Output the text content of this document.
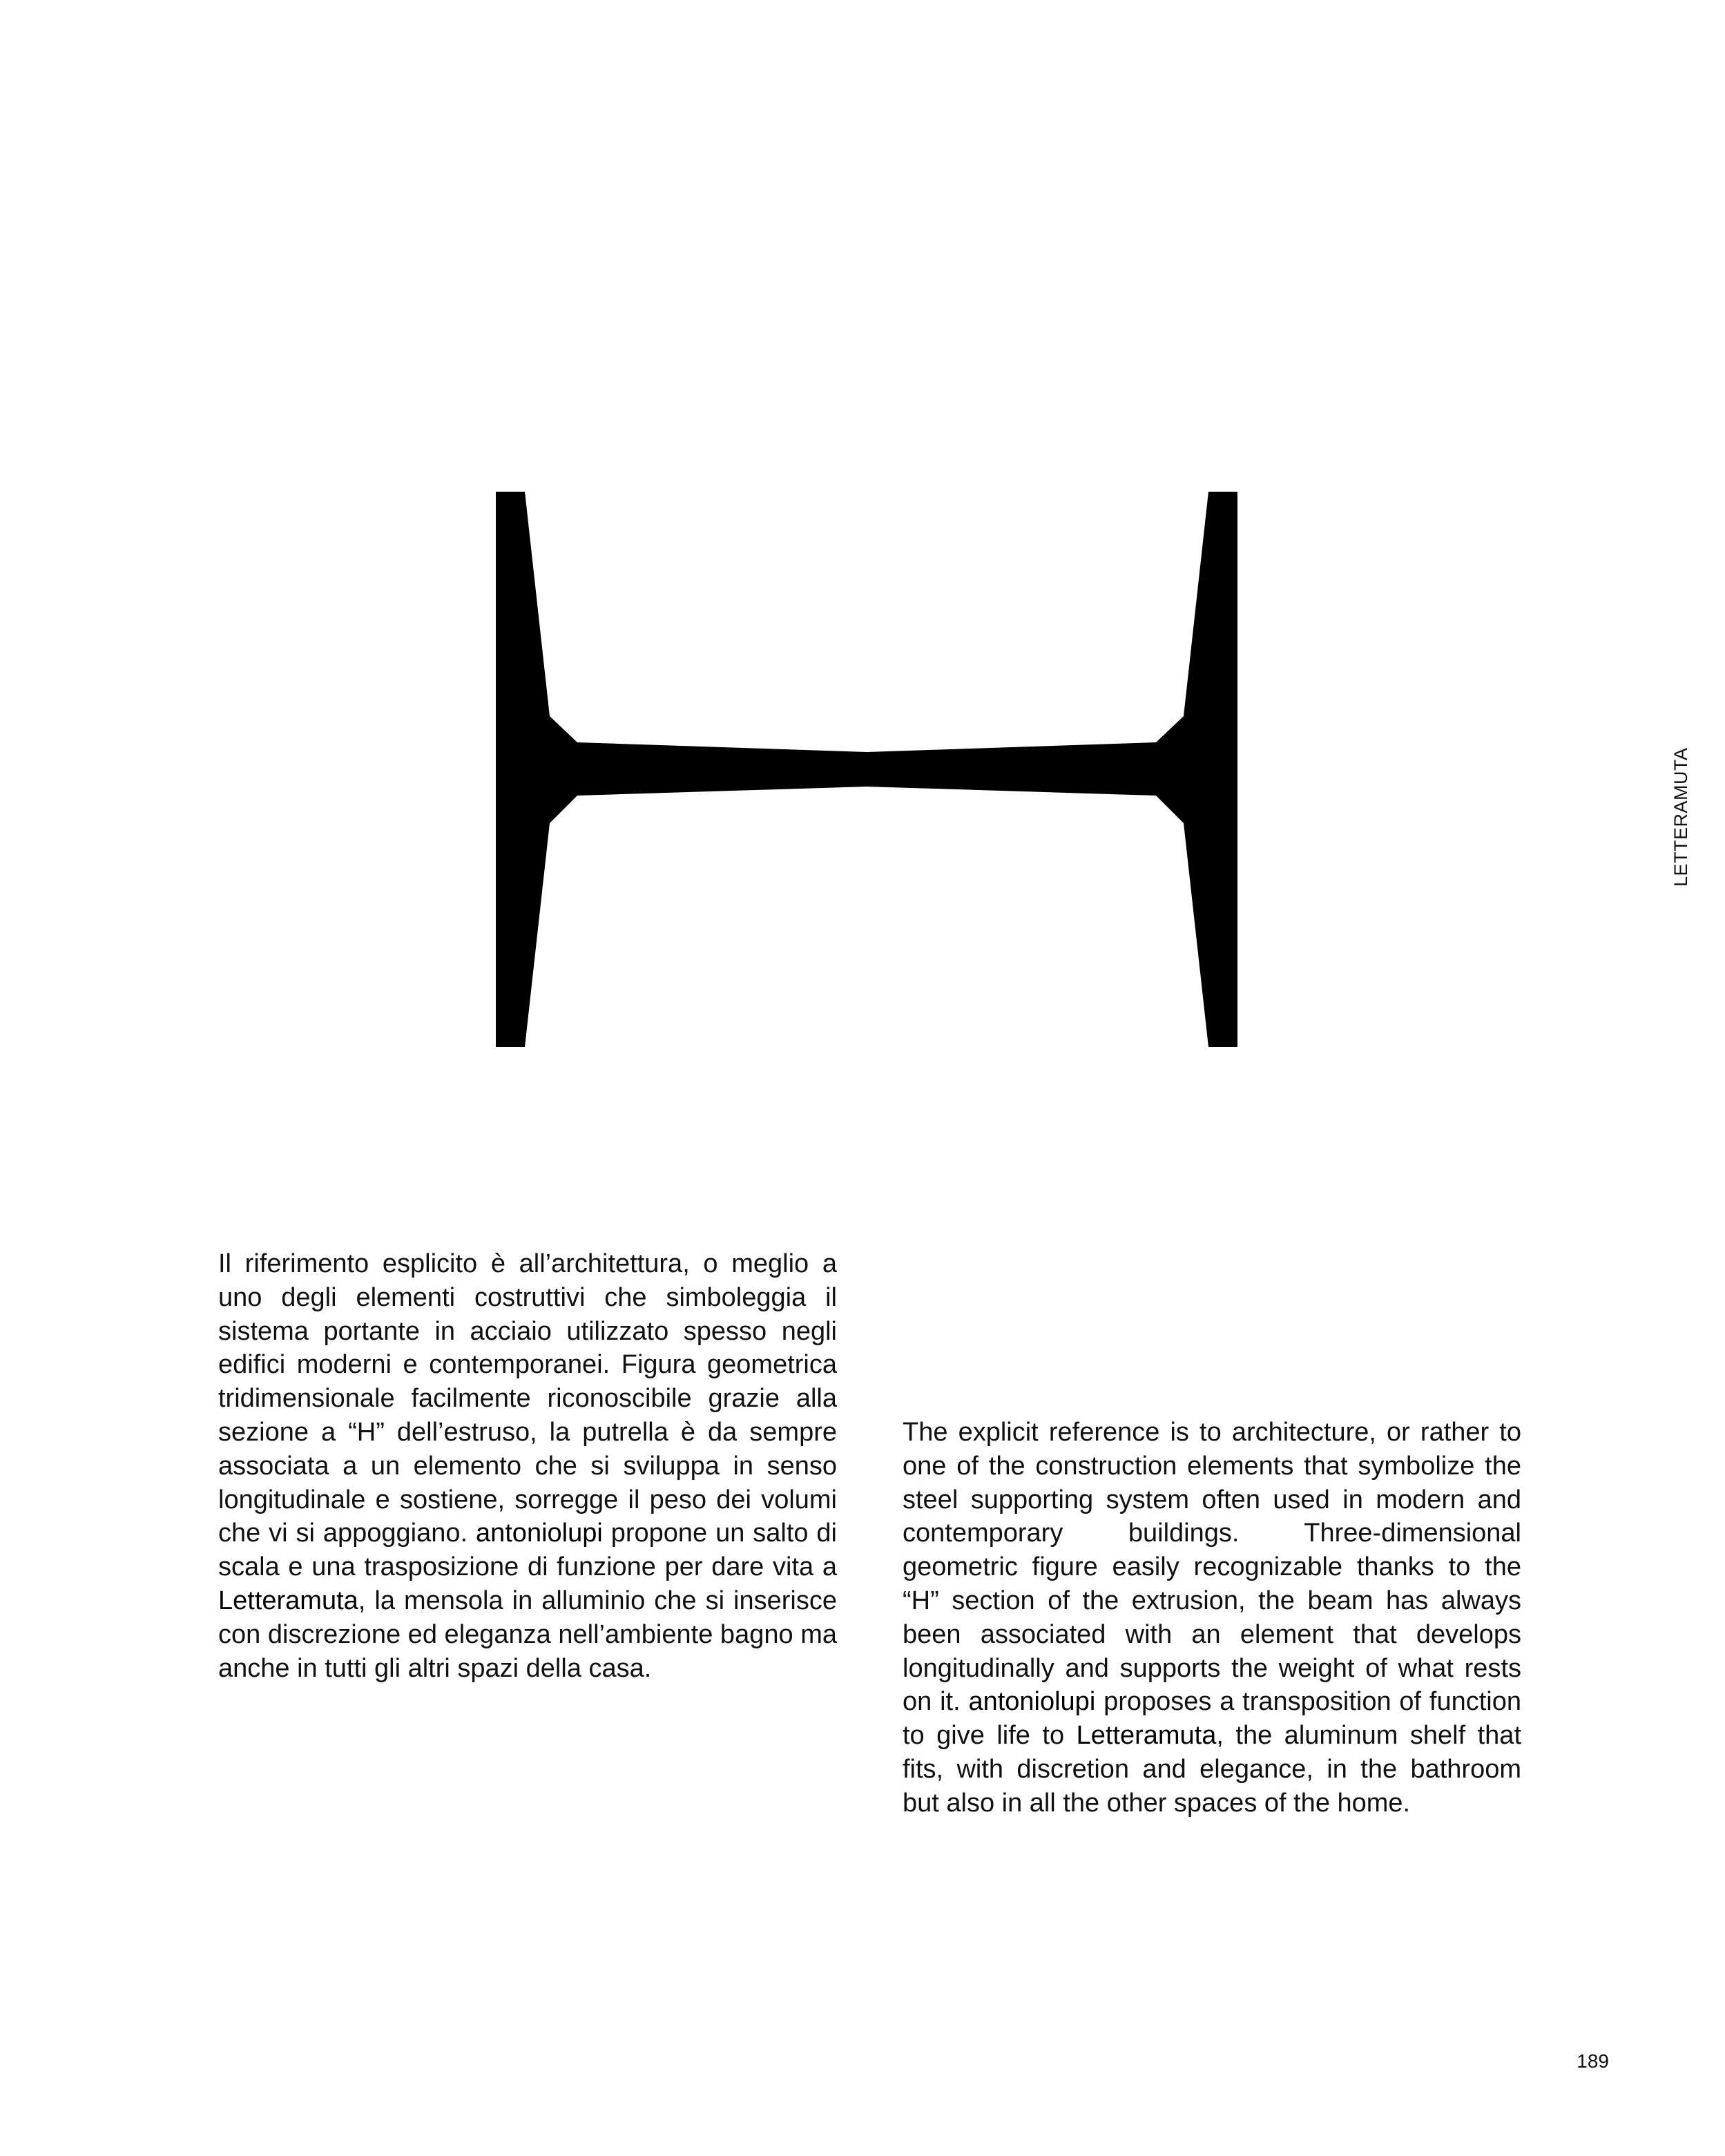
LETTERAMUTA

Il riferimento esplicito è all’architettura, o meglio a uno degli elementi costruttivi che simboleggia il sistema portante in acciaio utilizzato spesso negli edifici moderni e contemporanei. Figura geometrica tridimensionale facilmente riconoscibile grazie alla sezione a “H” dell’estruso, la putrella è da sempre associata a un elemento che si sviluppa in senso longitudinale e sostiene, sorregge il peso dei volumi che vi si appoggiano. antoniolupi propone un salto di scala e una trasposizione di funzione per dare vita a Letteramuta, la mensola in alluminio che si inserisce con discrezione ed eleganza nell’ambiente bagno ma anche in tutti gli altri spazi della casa.

The explicit reference is to architecture, or rather to one of the construction elements that symbolize the steel supporting system often used in modern and contemporary buildings. Three-dimensional geometric figure easily recognizable thanks to the “H” section of the extrusion, the beam has always been associated with an element that develops longitudinally and supports the weight of what rests on it. antoniolupi proposes a transposition of function to give life to Letteramuta, the aluminum shelf that fits, with discretion and elegance, in the bathroom but also in all the other spaces of the home.

189
